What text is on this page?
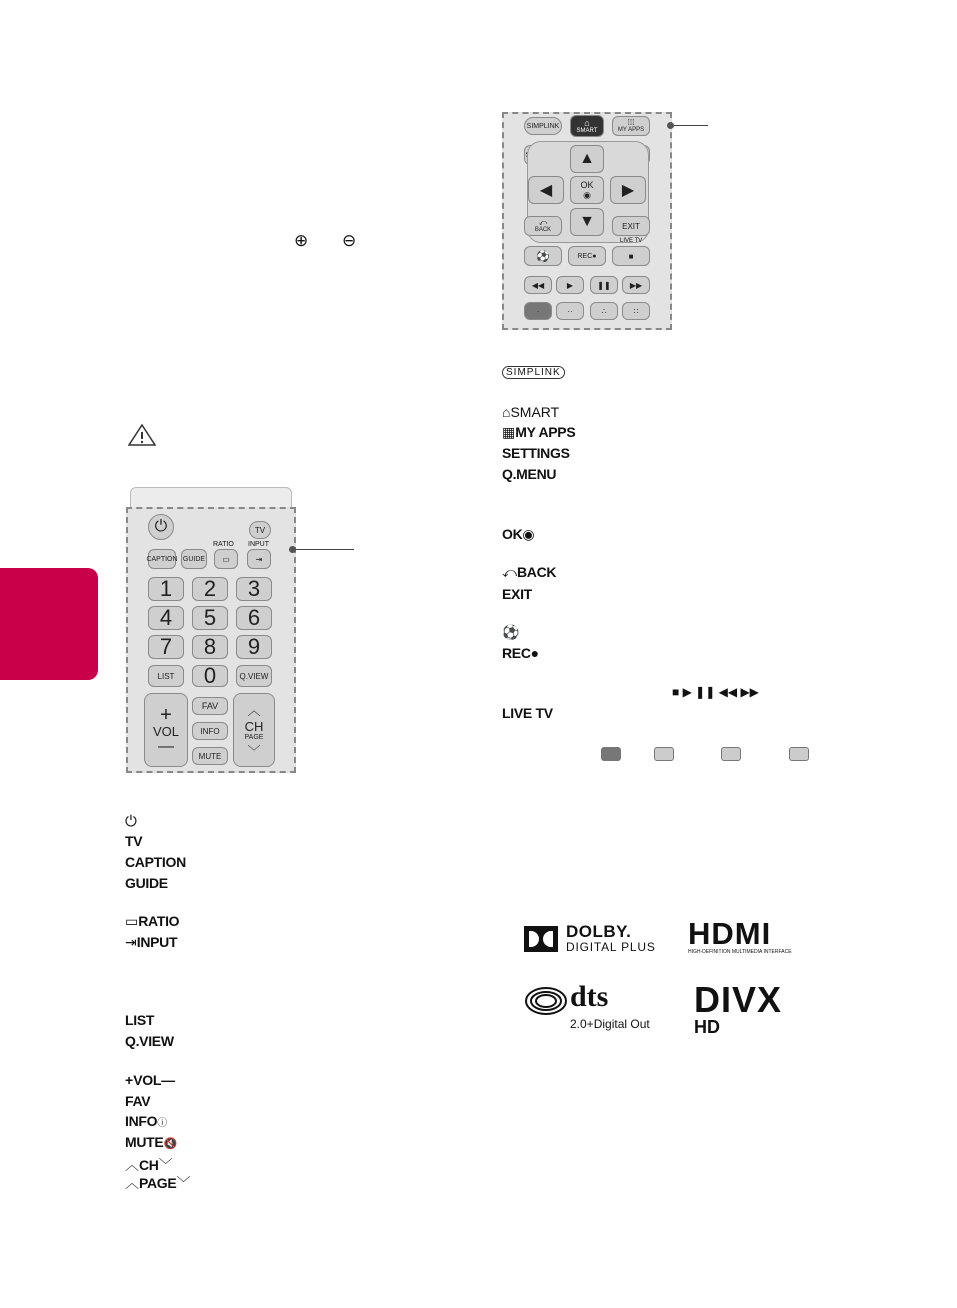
⊕ ⊖
⏻	TV
CAPTION GUIDE
RATIO
▭
INPUT
⇥
1	2	3
4	5	6
7	8	9
LIST	0	Q.VIEW
+
VOL
—
FAV
INFO
MUTE
︿
CH
PAGE
﹀
⏻
TV
CAPTION
GUIDE
▭RATIO
⇥INPUT
LIST
Q.VIEW
+VOL—
FAV
INFOⓘ
MUTE🔇
︿CH﹀
︿PAGE﹀
SIMPLINK	⌂
SMART
⁞⁞⁞
MY APPS
▲
◀	OK
◉	▶
▼
⤺
BACK	EXIT
LIVE TV
⚽	REC ●	■
◀◀	▶	❚❚ ▶▶
·	··	∴	∷
SIMPLINK
⌂SMART
▦MY APPS
SETTINGS
Q.MENU
OK◉
⤺BACK
EXIT
⚽
REC●
■ ▶ ❚❚ ◀◀ ▶▶
LIVE TV
DOLBY.
DIGITAL PLUS HDMI
HIGH-DEFINITION MULTIMEDIA INTERFACE
dts
2.0+Digital Out
DIVX
HD
